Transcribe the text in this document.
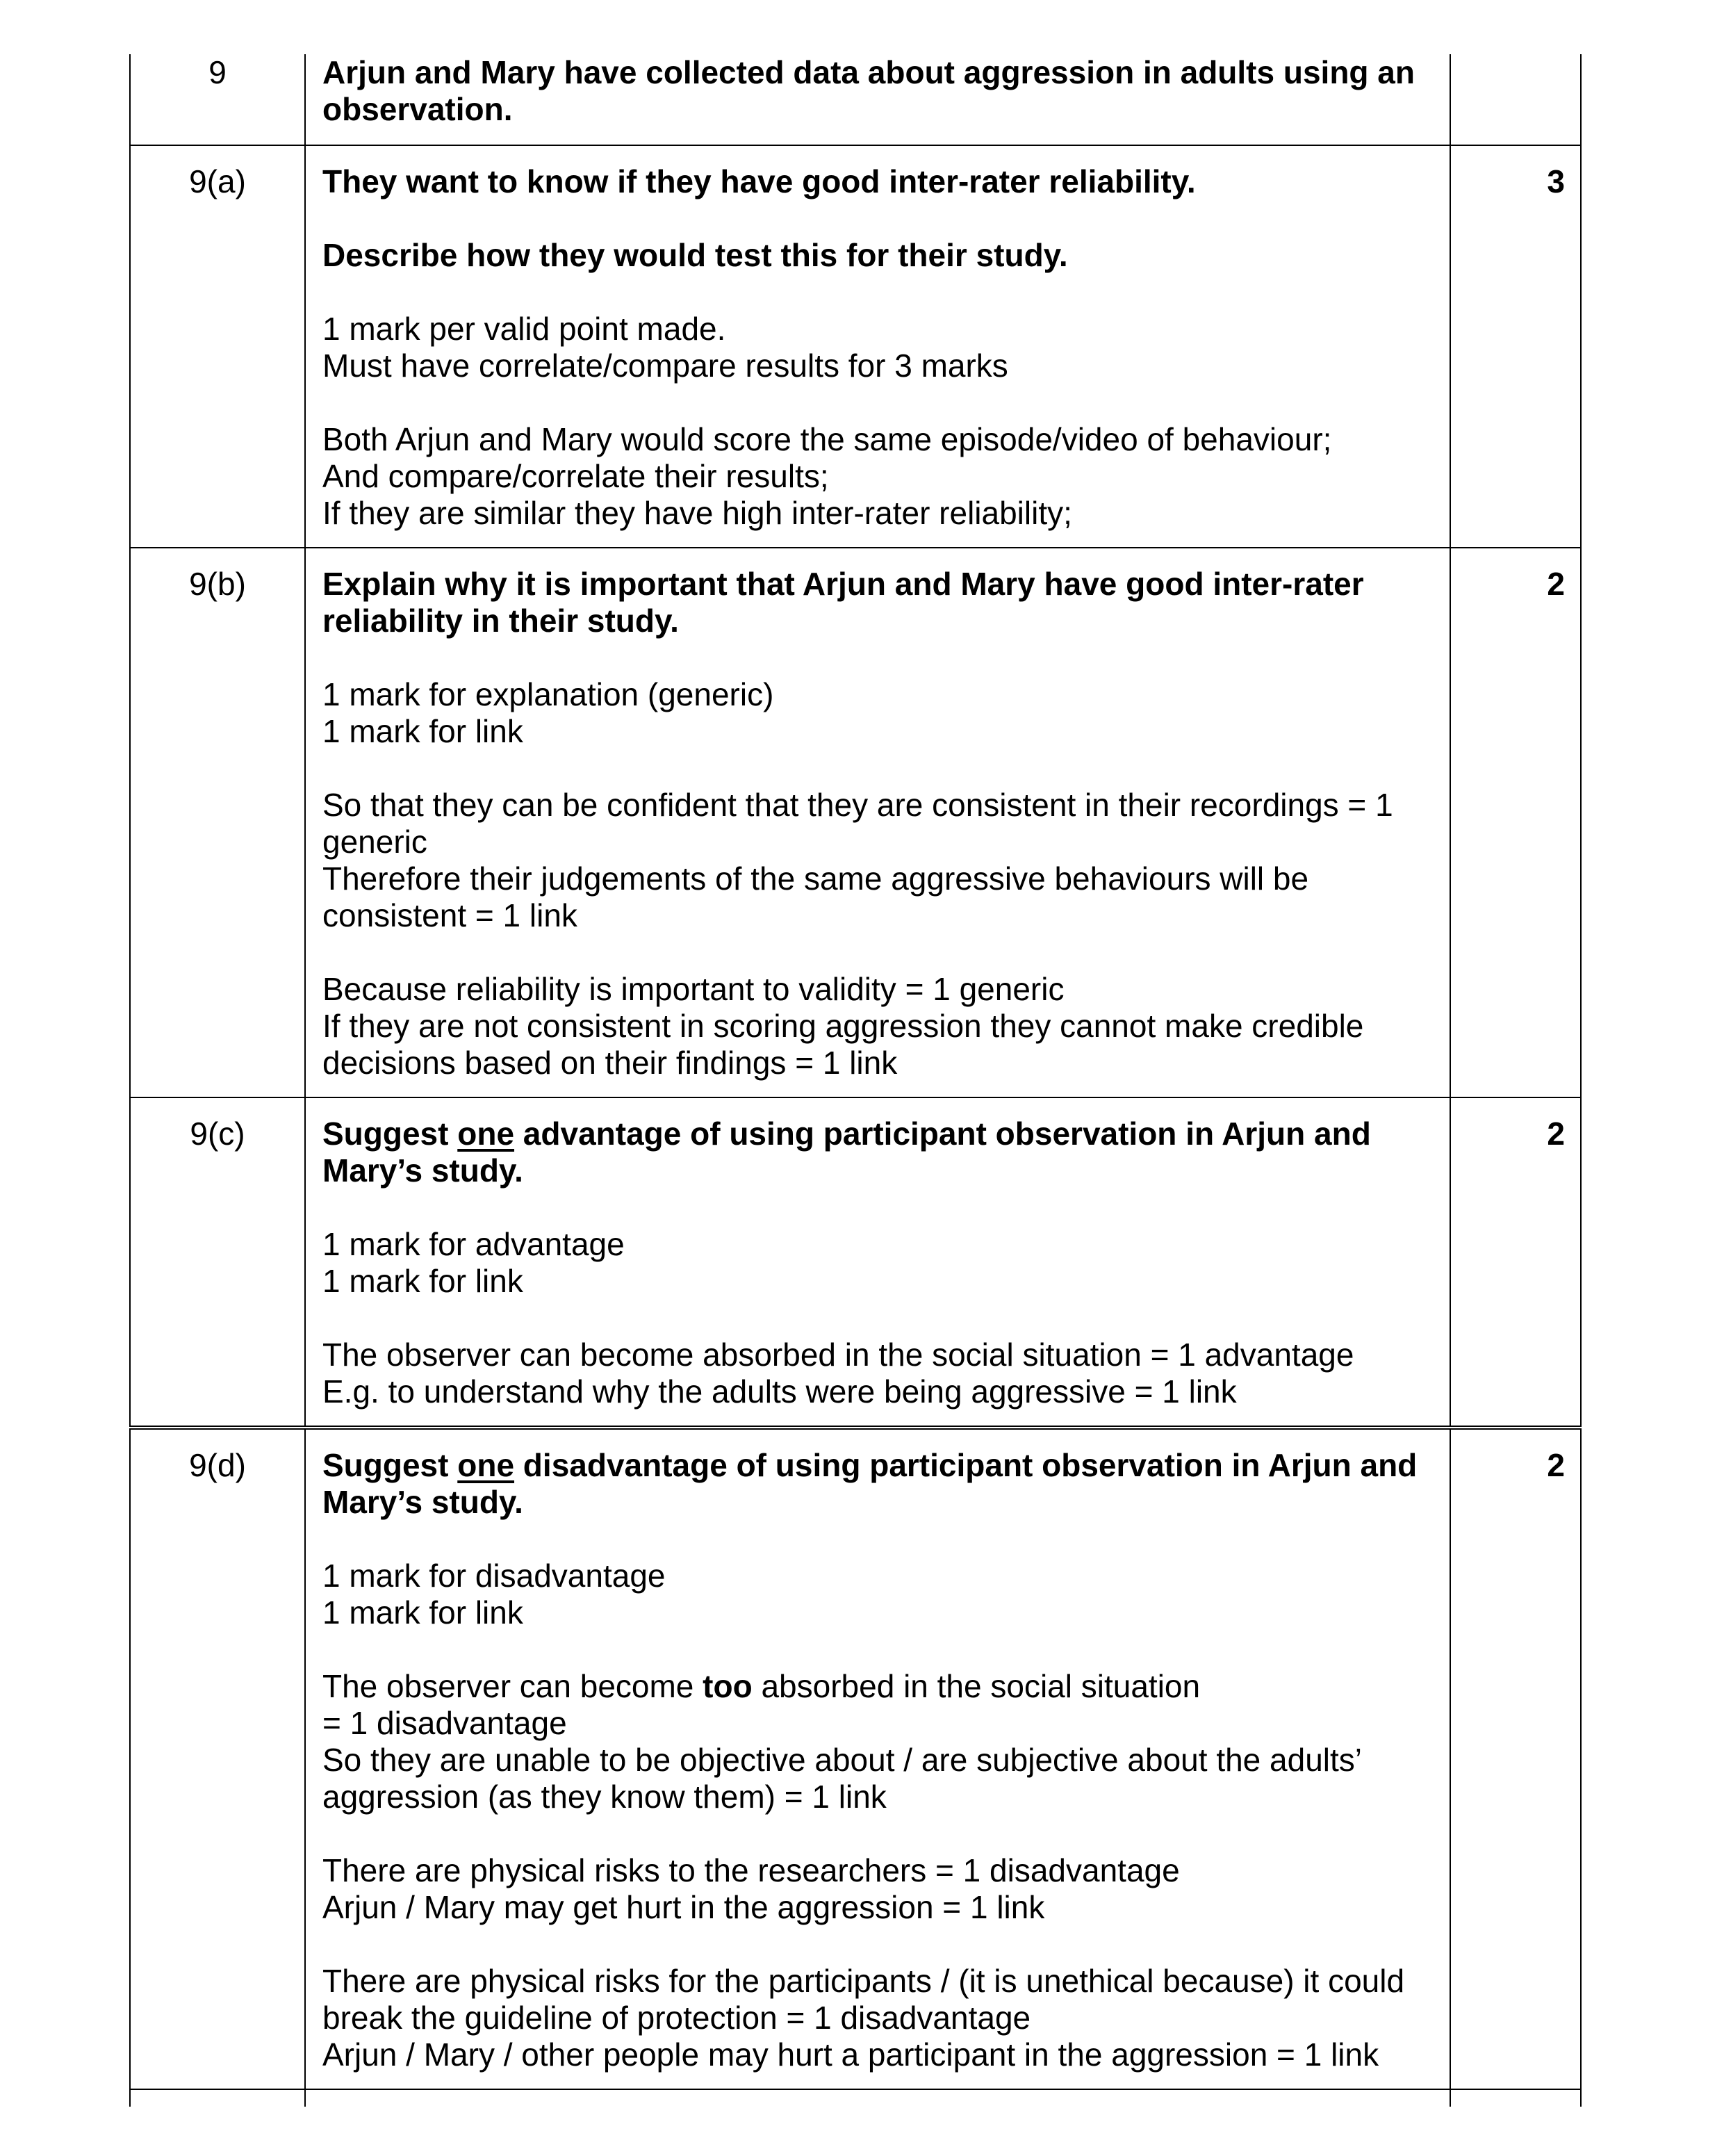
9	Arjun and Mary have collected data about aggression in adults using an observation.

9(a)	They want to know if they have good inter-rater reliability.

Describe how they would test this for their study.

1 mark per valid point made.

Must have correlate/compare results for 3 marks

Both Arjun and Mary would score the same episode/video of behaviour;

And compare/correlate their results;

If they are similar they have high inter-rater reliability;

3
9(b)	Explain why it is important that Arjun and Mary have good inter-rater reliability in their study.

1 mark for explanation (generic)

1 mark for link

So that they can be confident that they are consistent in their recordings = 1 generic

Therefore their judgements of the same aggressive behaviours will be consistent = 1 link

Because reliability is important to validity = 1 generic

If they are not consistent in scoring aggression they cannot make credible decisions based on their findings = 1 link

2
9(c)	Suggest one advantage of using participant observation in Arjun and Mary’s study.

1 mark for advantage

1 mark for link

The observer can become absorbed in the social situation = 1 advantage

E.g. to understand why the adults were being aggressive = 1 link

2
9(d)	Suggest one disadvantage of using participant observation in Arjun and Mary’s study.

1 mark for disadvantage

1 mark for link

The observer can become too absorbed in the social situation

= 1 disadvantage

So they are unable to be objective about / are subjective about the adults’ aggression (as they know them) = 1 link

There are physical risks to the researchers = 1 disadvantage

Arjun / Mary may get hurt in the aggression = 1 link

There are physical risks for the participants / (it is unethical because) it could break the guideline of protection = 1 disadvantage

Arjun / Mary / other people may hurt a participant in the aggression = 1 link

2
